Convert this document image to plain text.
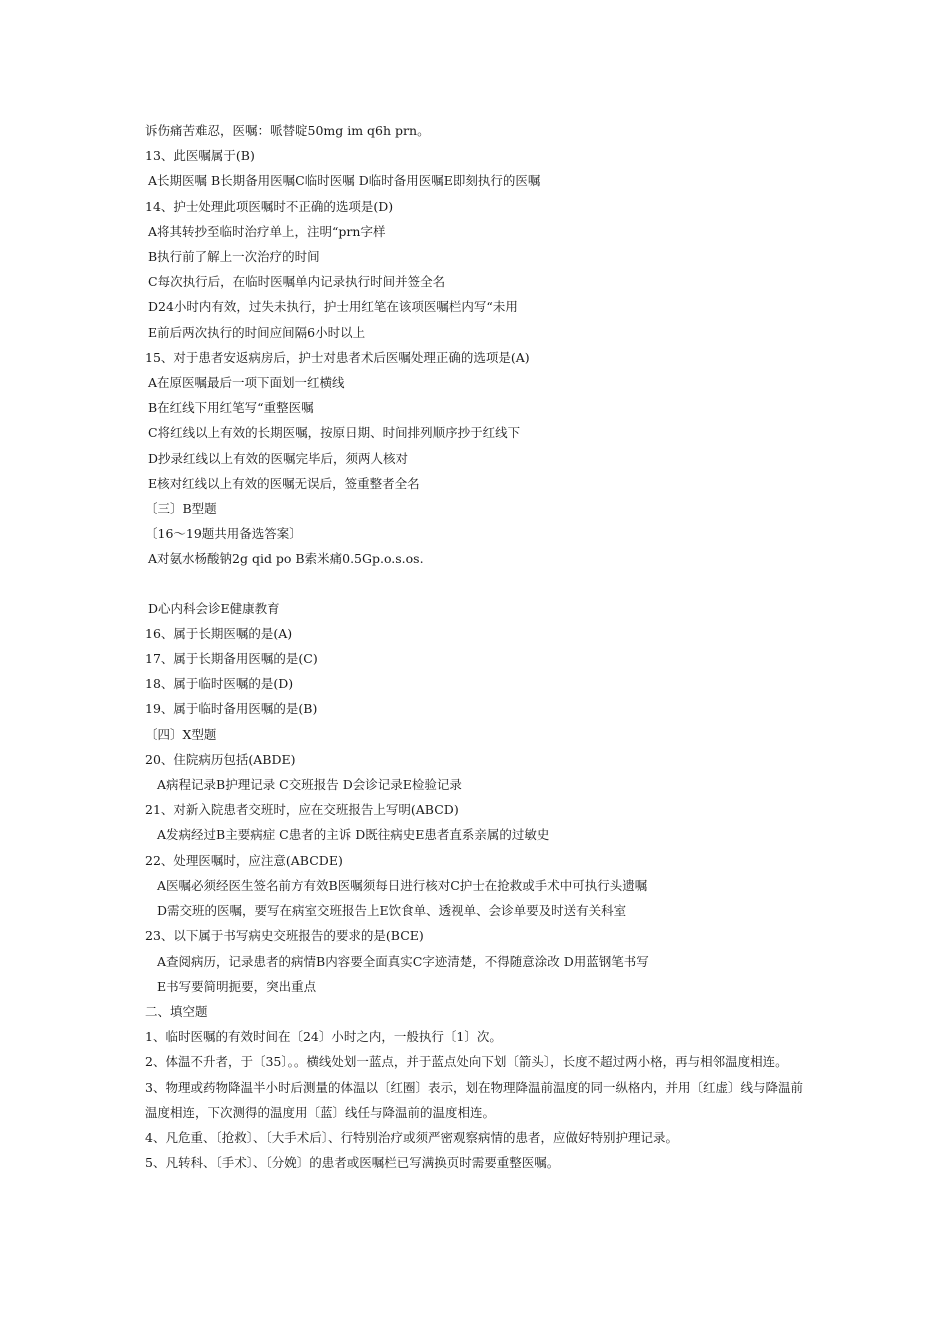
诉伤痛苦难忍，医嘱：哌替啶50mg im q6h prn。
13、此医嘱属于(B)
A长期医嘱 B长期备用医嘱C临时医嘱 D临时备用医嘱E即刻执行的医嘱
14、护士处理此项医嘱时不正确的选项是(D)
A将其转抄至临时治疗单上，注明“prn字样
B执行前了解上一次治疗的时间
C每次执行后，在临时医嘱单内记录执行时间并签全名
D24小时内有效，过失未执行，护士用红笔在该项医嘱栏内写“未用
E前后两次执行的时间应间隔6小时以上
15、对于患者安返病房后，护士对患者术后医嘱处理正确的选项是(A)
A在原医嘱最后一项下面划一红横线
B在红线下用红笔写“重整医嘱
C将红线以上有效的长期医嘱，按原日期、时间排列顺序抄于红线下
D抄录红线以上有效的医嘱完毕后，须两人核对
E核对红线以上有效的医嘱无误后，签重整者全名
〔三〕B型题
〔16〜19题共用备选答案〕
A对氨水杨酸钠2g qid po B索米痛0.5Gp.o.s.os.
D心内科会诊E健康教育
16、属于长期医嘱的是(A)
17、属于长期备用医嘱的是(C)
18、属于临时医嘱的是(D)
19、属于临时备用医嘱的是(B)
〔四〕X型题
20、住院病历包括(ABDE)
A病程记录B护理记录 C交班报告 D会诊记录E检验记录
21、对新入院患者交班时，应在交班报告上写明(ABCD)
A发病经过B主要病症 C患者的主诉 D既往病史E患者直系亲属的过敏史
22、处理医嘱时，应注意(ABCDE)
A医嘱必须经医生签名前方有效B医嘱须每日进行核对C护士在抢救或手术中可执行头遗嘱
D需交班的医嘱，要写在病室交班报告上E饮食单、透视单、会诊单要及时送有关科室
23、以下属于书写病史交班报告的要求的是(BCE)
A查阅病历，记录患者的病情B内容要全面真实C字迹清楚，不得随意涂改 D用蓝钢笔书写
E书写要简明扼要，突出重点
二、填空题
1、临时医嘱的有效时间在〔24〕小时之内，一般执行〔1〕次。
2、体温不升者，于〔35〕。。横线处划一蓝点，并于蓝点处向下划〔箭头〕，长度不超过两小格，再与相邻温度相连。
3、物理或药物降温半小时后测量的体温以〔红圈〕表示，划在物理降温前温度的同一纵格内，并用〔红虚〕线与降温前温度相连，下次测得的温度用〔蓝〕线任与降温前的温度相连。
4、凡危重、〔抢救〕、〔大手术后〕、行特别治疗或须严密观察病情的患者，应做好特别护理记录。
5、凡转科、〔手术〕、〔分娩〕的患者或医嘱栏已写满换页时需要重整医嘱。
